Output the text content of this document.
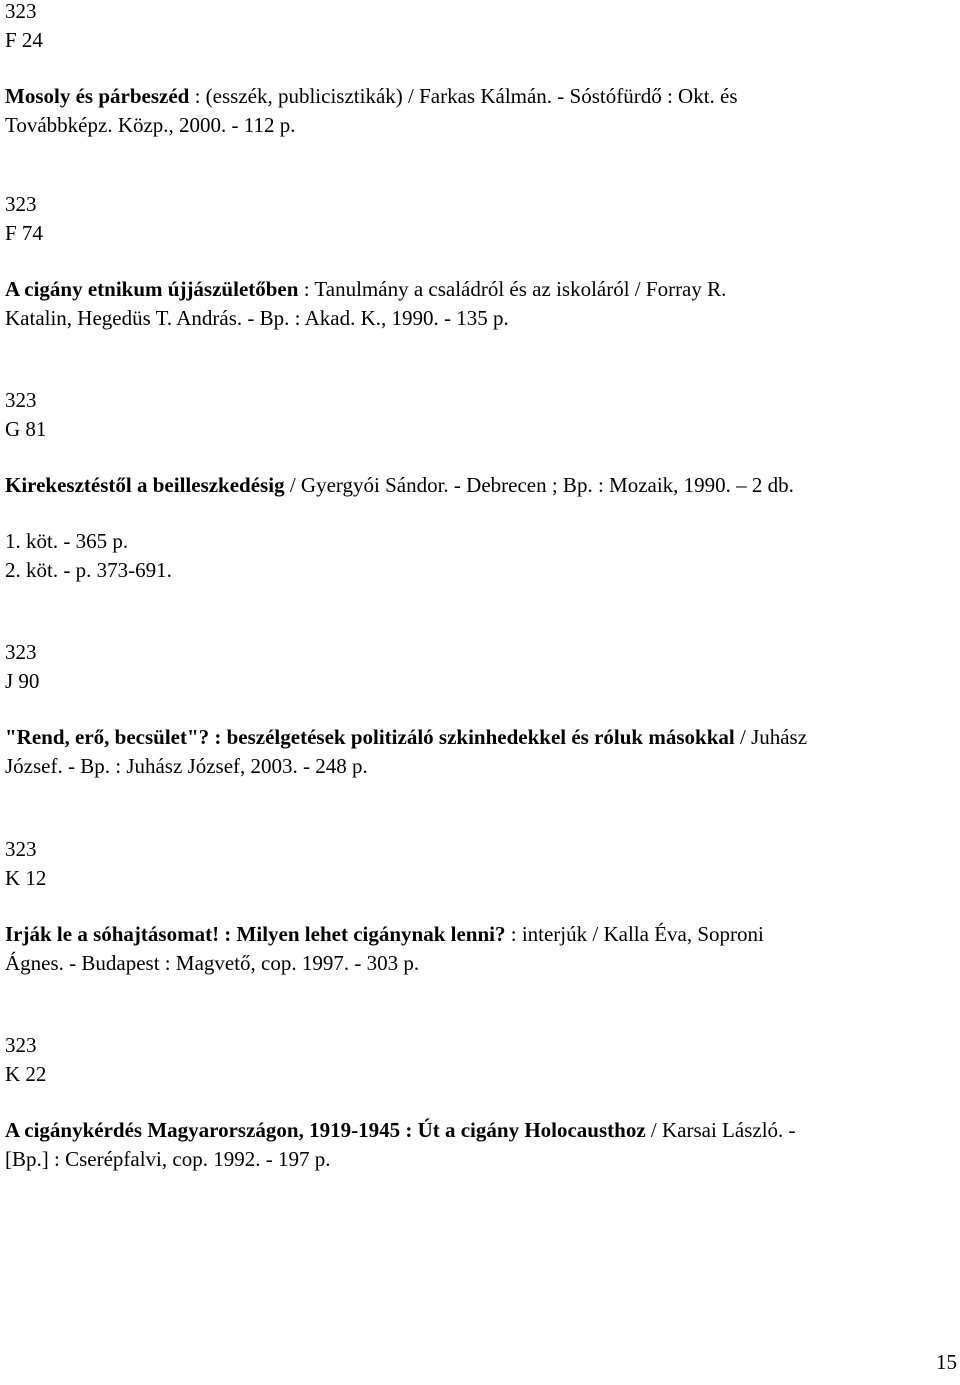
323
F 24
Mosoly és párbeszéd : (esszék, publicisztikák) / Farkas Kálmán. - Sóstófürdő : Okt. és
Továbbképz. Közp., 2000. - 112 p.
323
F 74
A cigány etnikum újjászületőben : Tanulmány a családról és az iskoláról / Forray R.
Katalin, Hegedüs T. András. - Bp. : Akad. K., 1990. - 135 p.
323
G 81
Kirekesztéstől a beilleszkedésig / Gyergyói Sándor. - Debrecen ; Bp. : Mozaik, 1990. – 2 db.
1. köt. - 365 p.
2. köt. - p. 373-691.
323
J 90
"Rend, erő, becsület"? : beszélgetések politizáló szkinhedekkel és róluk másokkal / Juhász
József. - Bp. : Juhász József, 2003. - 248 p.
323
K 12
Irják le a sóhajtásomat! : Milyen lehet cigánynak lenni? : interjúk / Kalla Éva, Soproni
Ágnes. - Budapest : Magvető, cop. 1997. - 303 p.
323
K 22
A cigánykérdés Magyarországon, 1919-1945 : Út a cigány Holocausthoz / Karsai László. -
[Bp.] : Cserépfalvi, cop. 1992. - 197 p.
15
